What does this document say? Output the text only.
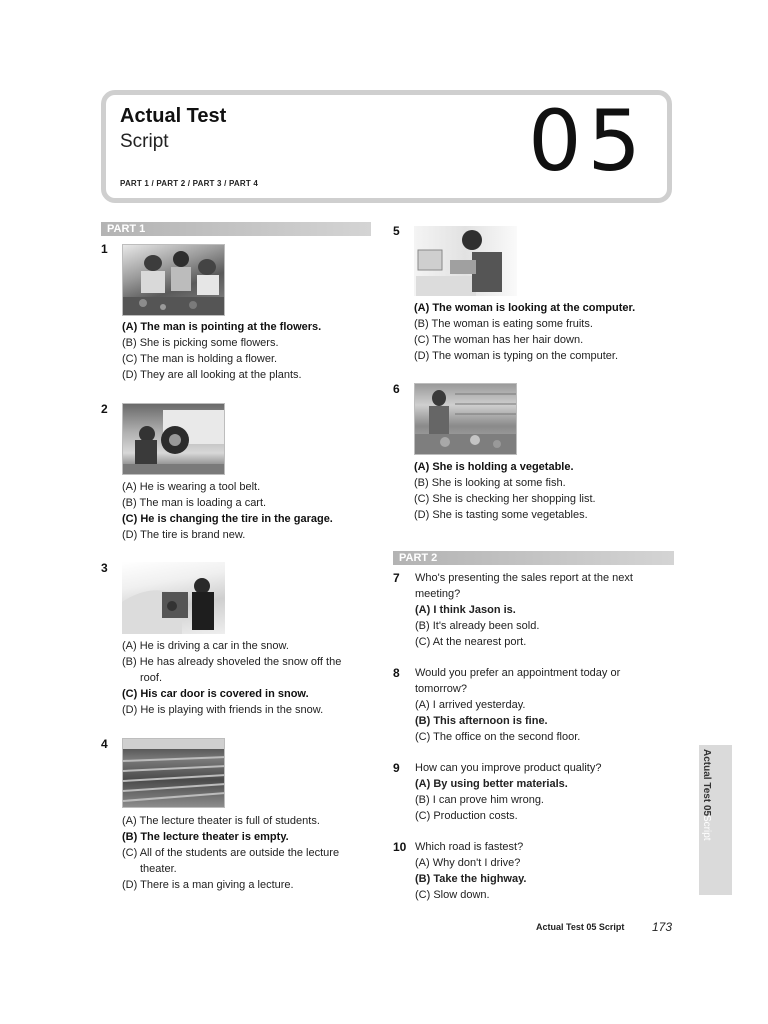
Actual Test
Script
PART 1 / PART 2 / PART 3 / PART 4	05
PART 1
1
(A) The man is pointing at the flowers.
(B) She is picking some flowers.
(C) The man is holding a flower.
(D) They are all looking at the plants.
2
(A) He is wearing a tool belt.
(B) The man is loading a cart.
(C) He is changing the tire in the garage.
(D) The tire is brand new.
3
(A) He is driving a car in the snow.
(B) He has already shoveled the snow off the
roof.
(C) His car door is covered in snow.
(D) He is playing with friends in the snow.
4
(A) The lecture theater is full of students.
(B) The lecture theater is empty.
(C) All of the students are outside the lecture
theater.
(D) There is a man giving a lecture.
5
(A) The woman is looking at the computer.
(B) The woman is eating some fruits.
(C) The woman has her hair down.
(D) The woman is typing on the computer.
6
(A) She is holding a vegetable.
(B) She is looking at some fish.
(C) She is checking her shopping list.
(D) She is tasting some vegetables.
PART 2
7 Who's presenting the sales report at the next
meeting?
(A) I think Jason is.
(B) It's already been sold.
(C) At the nearest port.
8 Would you prefer an appointment today or
tomorrow?
(A) I arrived yesterday.
(B) This afternoon is fine.
(C) The office on the second floor.
9 How can you improve product quality?
(A) By using better materials.
(B) I can prove him wrong.
(C) Production costs.
10 Which road is fastest?
(A) Why don't I drive?
(B) Take the highway.
(C) Slow down.
Actual Test 05
Script
Actual Test 05 Script 173
